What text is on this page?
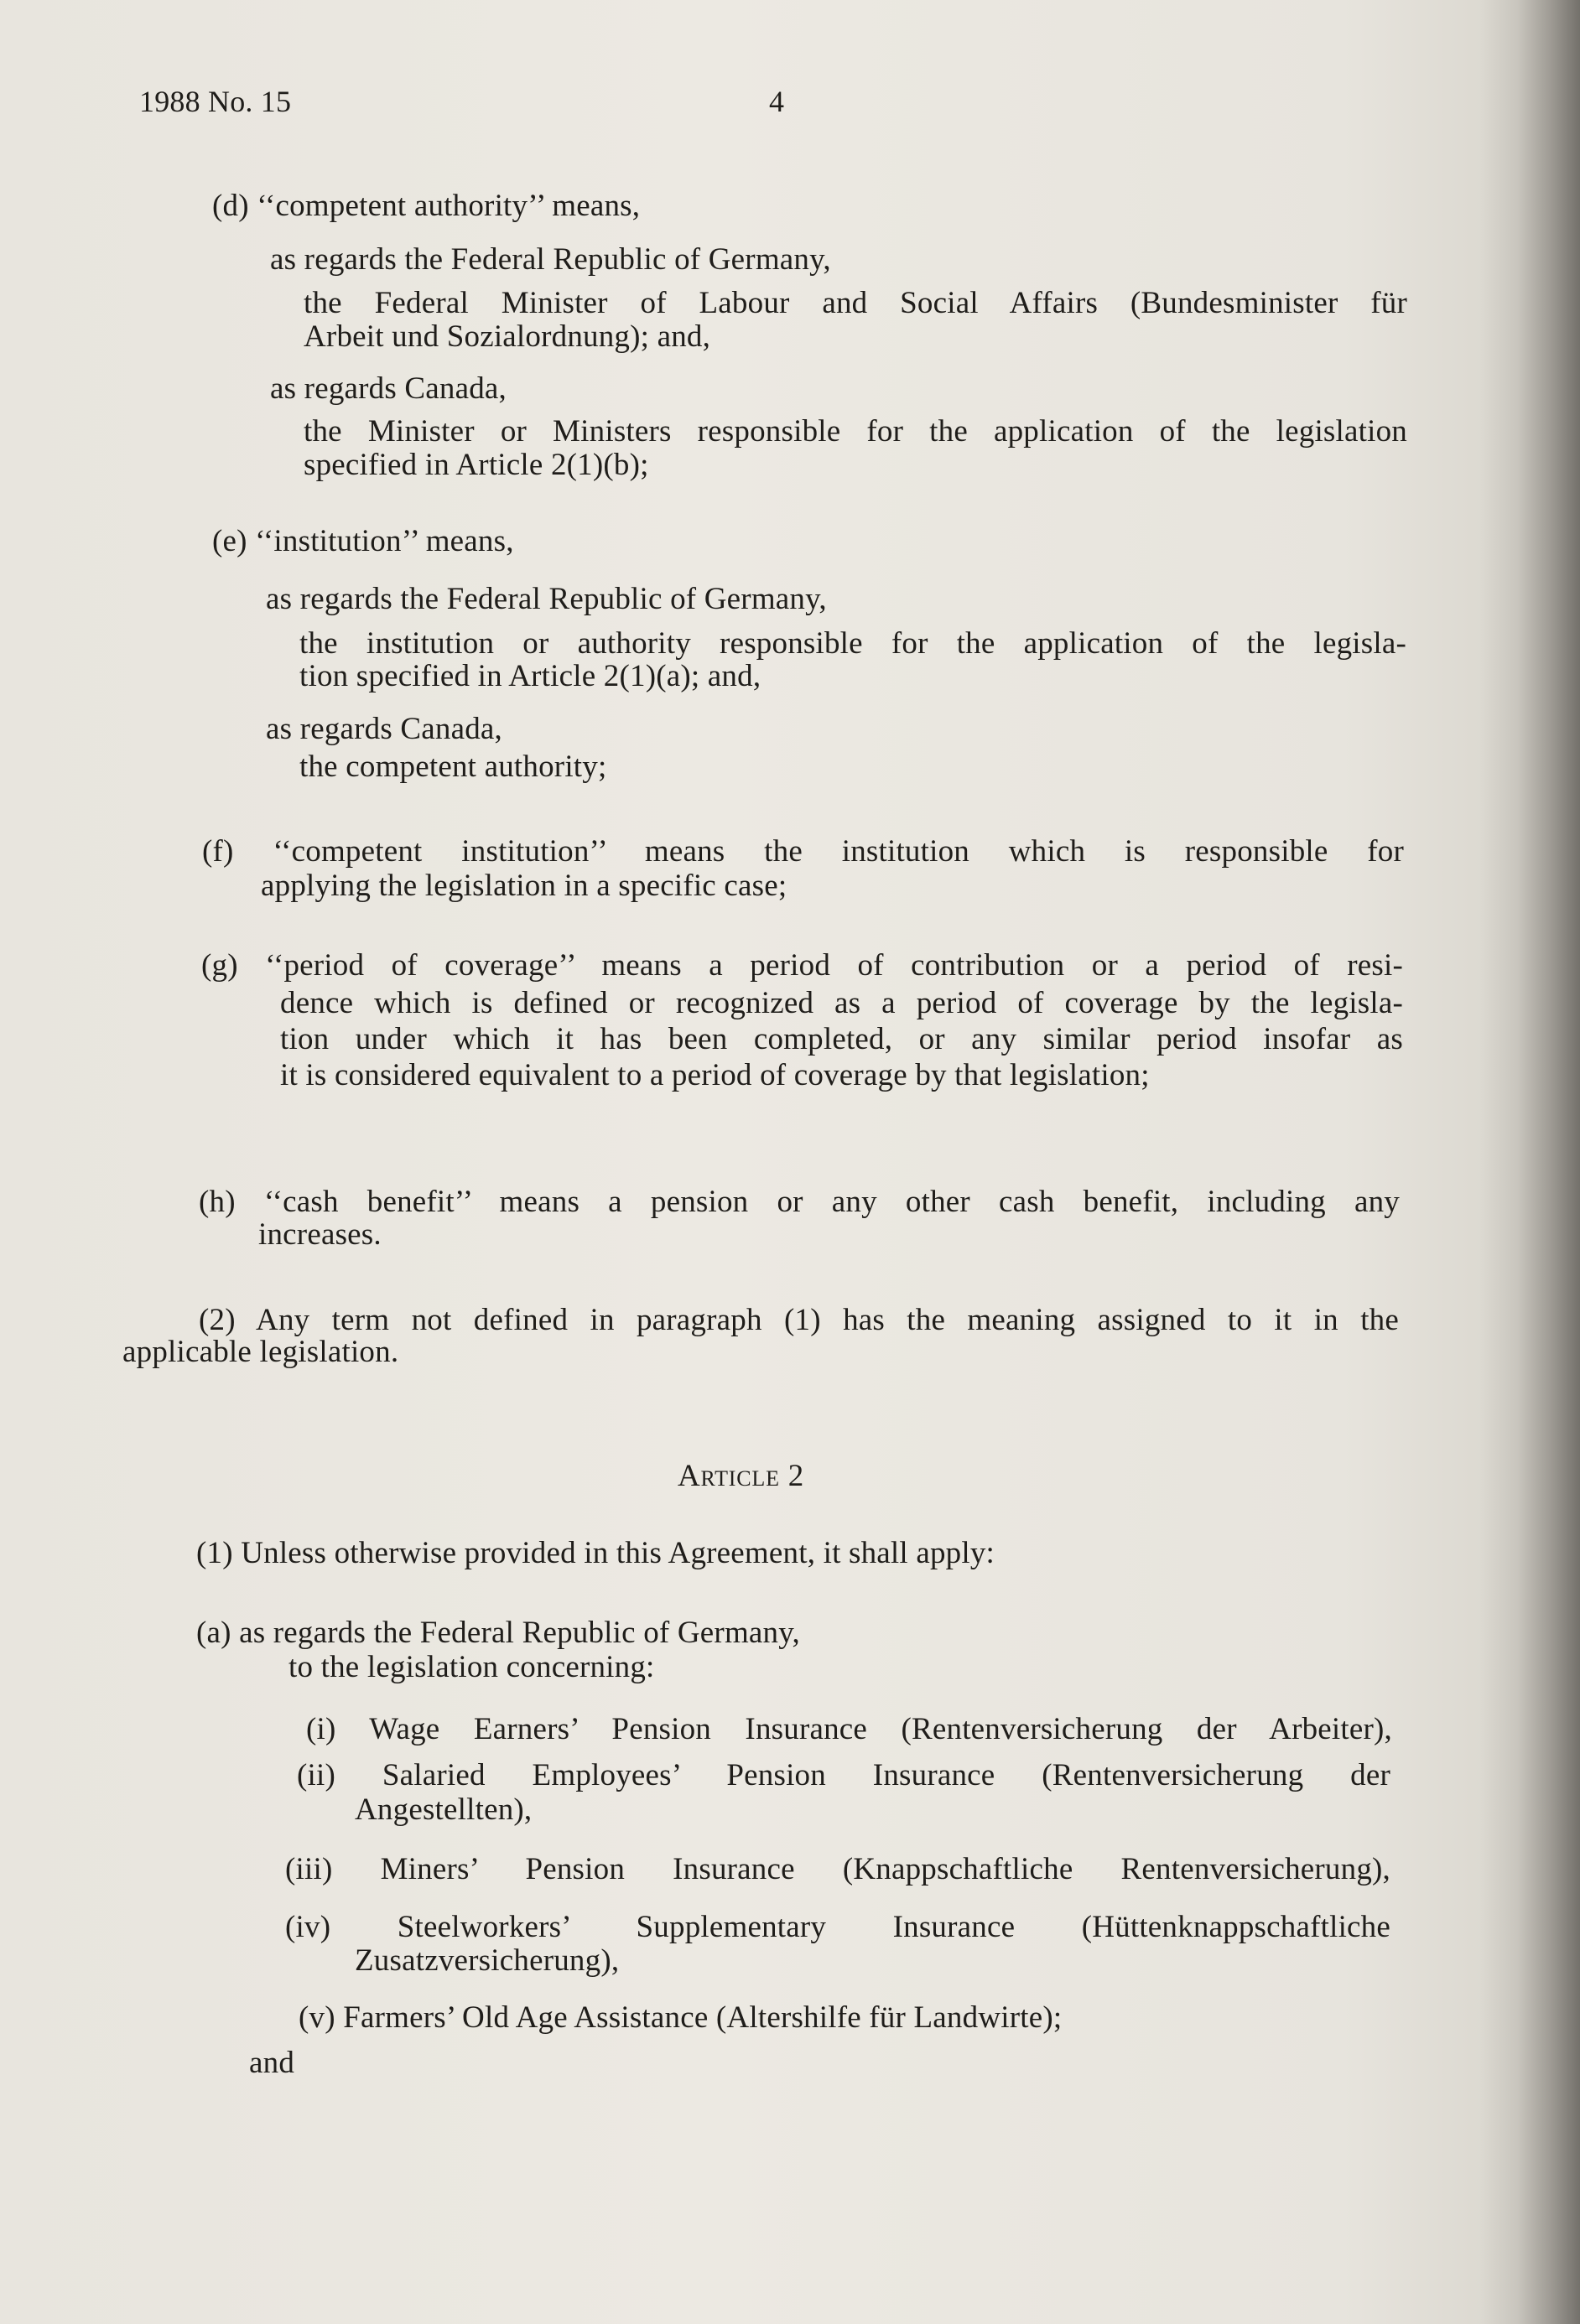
1988 No. 15	4
(d) ‘‘competent authority’’ means,
as regards the Federal Republic of Germany,
the Federal Minister of Labour and Social Affairs (Bundesminister für
Arbeit und Sozialordnung); and,
as regards Canada,
the Minister or Ministers responsible for the application of the legislation
specified in Article 2(1)(b);
(e) ‘‘institution’’ means,
as regards the Federal Republic of Germany,
the institution or authority responsible for the application of the legisla-
tion specified in Article 2(1)(a); and,
as regards Canada,
the competent authority;
(f) ‘‘competent institution’’ means the institution which is responsible for
applying the legislation in a specific case;
(g) ‘‘period of coverage’’ means a period of contribution or a period of resi-
dence which is defined or recognized as a period of coverage by the legisla-
tion under which it has been completed, or any similar period insofar as
it is considered equivalent to a period of coverage by that legislation;
(h) ‘‘cash benefit’’ means a pension or any other cash benefit, including any
increases.
(2) Any term not defined in paragraph (1) has the meaning assigned to it in the
applicable legislation.
Article 2
(1) Unless otherwise provided in this Agreement, it shall apply:
(a) as regards the Federal Republic of Germany,
to the legislation concerning:
(i) Wage Earners’ Pension Insurance (Rentenversicherung der Arbeiter),
(ii) Salaried Employees’ Pension Insurance (Rentenversicherung der
Angestellten),
(iii) Miners’ Pension Insurance (Knappschaftliche Rentenversicherung),
(iv) Steelworkers’ Supplementary Insurance (Hüttenknappschaftliche
Zusatzversicherung),
(v) Farmers’ Old Age Assistance (Altershilfe für Landwirte);
and
